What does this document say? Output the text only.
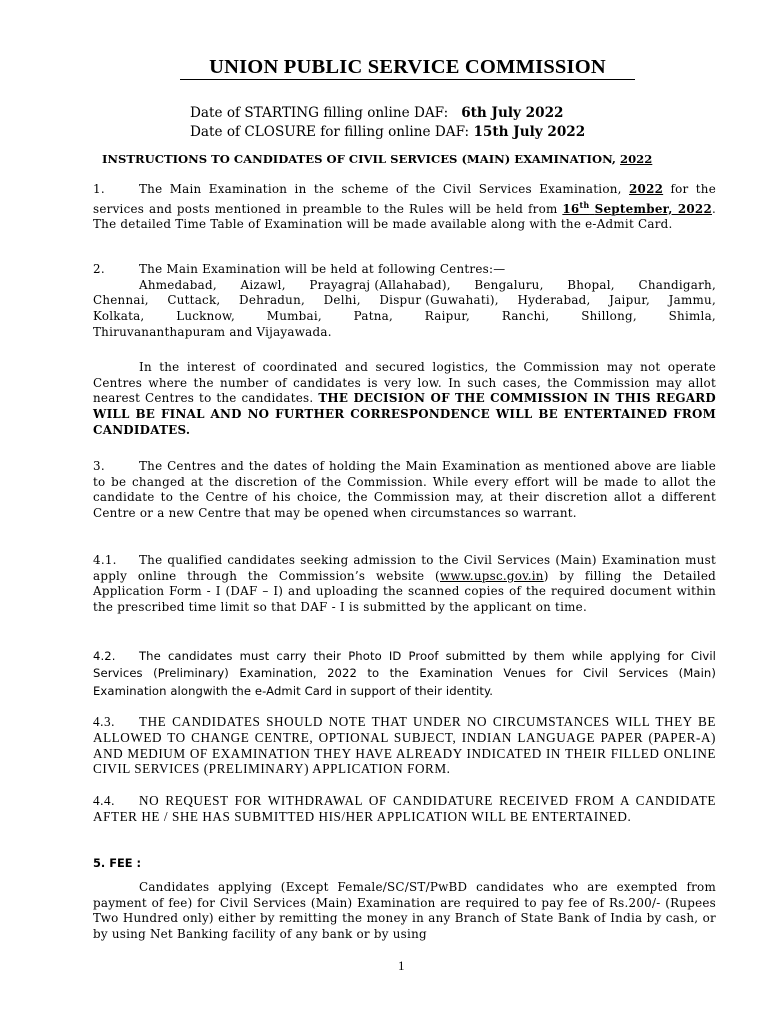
UNION PUBLIC SERVICE COMMISSION
Date of STARTING filling online DAF: 6th July 2022
Date of CLOSURE for filling online DAF: 15th July 2022
INSTRUCTIONS TO CANDIDATES OF CIVIL SERVICES (MAIN) EXAMINATION, 2022
1.	The Main Examination in the scheme of the Civil Services Examination, 2022 for the services and posts mentioned in preamble to the Rules will be held from 16th September, 2022. The detailed Time Table of Examination will be made available along with the e-Admit Card.
2.	The Main Examination will be held at following Centres:—
Ahmedabad, Aizawl, Prayagraj (Allahabad), Bengaluru, Bhopal, Chandigarh,
Chennai, Cuttack, Dehradun, Delhi, Dispur (Guwahati), Hyderabad, Jaipur, Jammu,
Kolkata,	Lucknow,	Mumbai,	Patna,	Raipur,	Ranchi,	Shillong,	Shimla,
Thiruvananthapuram and Vijayawada.
In the interest of coordinated and secured logistics, the Commission may not operate Centres where the number of candidates is very low. In such cases, the Commission may allot nearest Centres to the candidates. THE DECISION OF THE COMMISSION IN THIS REGARD WILL BE FINAL AND NO FURTHER CORRESPONDENCE WILL BE ENTERTAINED FROM CANDIDATES.
3.	The Centres and the dates of holding the Main Examination as mentioned above are liable to be changed at the discretion of the Commission. While every effort will be made to allot the candidate to the Centre of his choice, the Commission may, at their discretion allot a different Centre or a new Centre that may be opened when circumstances so warrant.
4.1. The qualified candidates seeking admission to the Civil Services (Main) Examination must apply online through the Commission’s website (www.upsc.gov.in) by filling the Detailed Application Form - I (DAF – I) and uploading the scanned copies of the required document within the prescribed time limit so that DAF - I is submitted by the applicant on time.
4.2. The candidates must carry their Photo ID Proof submitted by them while applying for Civil Services (Preliminary) Examination, 2022 to the Examination Venues for Civil Services (Main) Examination alongwith the e-Admit Card in support of their identity.
4.3. THE CANDIDATES SHOULD NOTE THAT UNDER NO CIRCUMSTANCES WILL THEY BE ALLOWED TO CHANGE CENTRE, OPTIONAL SUBJECT, INDIAN LANGUAGE PAPER (PAPER-A) AND MEDIUM OF EXAMINATION THEY HAVE ALREADY INDICATED IN THEIR FILLED ONLINE CIVIL SERVICES (PRELIMINARY) APPLICATION FORM.
4.4. NO REQUEST FOR WITHDRAWAL OF CANDIDATURE RECEIVED FROM A CANDIDATE AFTER HE / SHE HAS SUBMITTED HIS/HER APPLICATION WILL BE ENTERTAINED.
5. FEE :
Candidates applying (Except Female/SC/ST/PwBD candidates who are exempted from payment of fee) for Civil Services (Main) Examination are required to pay fee of Rs.200/- (Rupees Two Hundred only) either by remitting the money in any Branch of State Bank of India by cash, or by using Net Banking facility of any bank or by using
1
